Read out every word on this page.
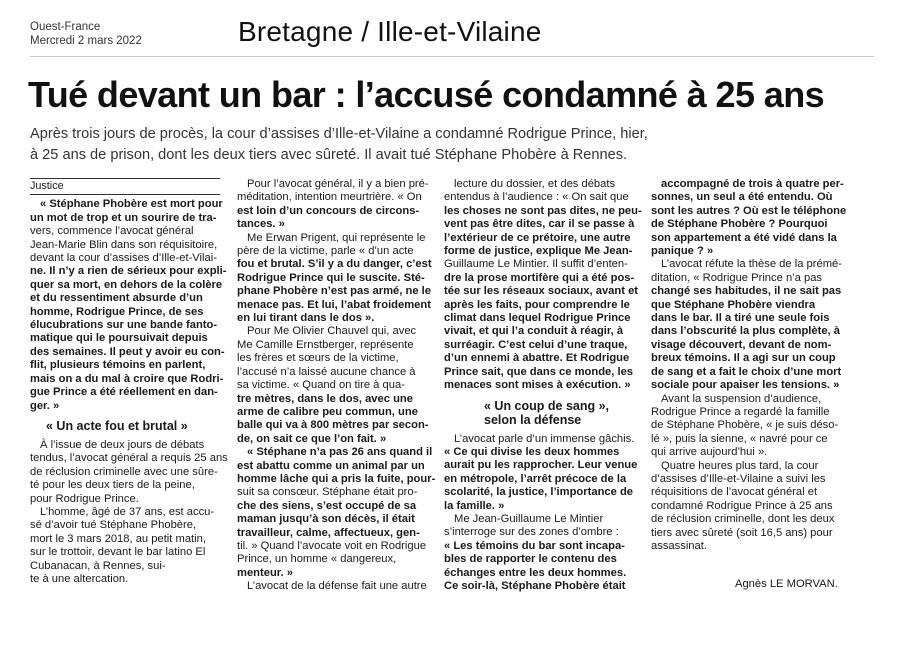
Ouest-France
Mercredi 2 mars 2022	Bretagne / Ille-et-Vilaine
Tué devant un bar : l’accusé condamné à 25 ans
Après trois jours de procès, la cour d’assises d’Ille-et-Vilaine a condamné Rodrigue Prince, hier,
à 25 ans de prison, dont les deux tiers avec sûreté. Il avait tué Stéphane Phobère à Rennes.
Justice

« Stéphane Phobère est mort pour
un mot de trop et un sourire de tra-
vers, commence l’avocat général
Jean-Marie Blin dans son réquisitoire,
devant la cour d’assises d’Ille-et-Vilai-
ne. Il n’y a rien de sérieux pour expli-
quer sa mort, en dehors de la colère
et du ressentiment absurde d’un
homme, Rodrigue Prince, de ses
élucubrations sur une bande fanto-
matique qui le poursuivait depuis
des semaines. Il peut y avoir eu con-
flit, plusieurs témoins en parlent,
mais on a du mal à croire que Rodri-
gue Prince a été réellement en dan-
ger. »

« Un acte fou et brutal »

À l’issue de deux jours de débats
tendus, l’avocat général a requis 25 ans
de réclusion criminelle avec une sûre-
té pour les deux tiers de la peine,
pour Rodrigue Prince.

L’homme, âgé de 37 ans, est accu-
sé d’avoir tué Stéphane Phobère,
mort le 3 mars 2018, au petit matin,
sur le trottoir, devant le bar latino El
Cubanacan, à Rennes, sui-
te à une altercation.

Pour l’avocat général, il y a bien pré-
méditation, intention meurtrière. « On
est loin d’un concours de circons-
tances. »

Me Erwan Prigent, qui représente le
père de la victime, parle « d’un acte
fou et brutal. S’il y a du danger, c’est
Rodrigue Prince qui le suscite. Sté-
phane Phobère n’est pas armé, ne le
menace pas. Et lui, l’abat froidement
en lui tirant dans le dos ».

Pour Me Olivier Chauvel qui, avec
Me Camille Ernstberger, représente
les frères et sœurs de la victime,
l’accusé n’a laissé aucune chance à
sa victime. « Quand on tire à qua-
tre mètres, dans le dos, avec une
arme de calibre peu commun, une
balle qui va à 800 mètres par secon-
de, on sait ce que l’on fait. »

« Stéphane n’a pas 26 ans quand il
est abattu comme un animal par un
homme lâche qui a pris la fuite, pour-
suit sa consœur. Stéphane était pro-
che des siens, s’est occupé de sa
maman jusqu’à son décès, il était
travailleur, calme, affectueux, gen-
til. » Quand l’avocate voit en Rodrigue
Prince, un homme « dangereux,
menteur. »

L’avocat de la défense fait une autre

lecture du dossier, et des débats
entendus à l’audience : « On sait que
les choses ne sont pas dites, ne peu-
vent pas être dites, car il se passe à
l’extérieur de ce prétoire, une autre
forme de justice, explique Me Jean-
Guillaume Le Mintier. Il suffit d’enten-
dre la prose mortifère qui a été pos-
tée sur les réseaux sociaux, avant et
après les faits, pour comprendre le
climat dans lequel Rodrigue Prince
vivait, et qui l’a conduit à réagir, à
surréagir. C’est celui d’une traque,
d’un ennemi à abattre. Et Rodrigue
Prince sait, que dans ce monde, les
menaces sont mises à exécution. »

« Un coup de sang », selon la défense

L’avocat parle d’un immense gâchis.
« Ce qui divise les deux hommes
aurait pu les rapprocher. Leur venue
en métropole, l’arrêt précoce de la
scolarité, la justice, l’importance de
la famille. »

Me Jean-Guillaume Le Mintier
s’interroge sur des zones d’ombre :
« Les témoins du bar sont incapa-
bles de rapporter le contenu des
échanges entre les deux hommes.
Ce soir-là, Stéphane Phobère était

accompagné de trois à quatre per-
sonnes, un seul a été entendu. Où
sont les autres ? Où est le téléphone
de Stéphane Phobère ? Pourquoi
son appartement a été vidé dans la
panique ? »

L’avocat réfute la thèse de la prémé-
ditation, « Rodrigue Prince n’a pas
changé ses habitudes, il ne sait pas
que Stéphane Phobère viendra
dans le bar. Il a tiré une seule fois
dans l’obscurité la plus complète, à
visage découvert, devant de nom-
breux témoins. Il a agi sur un coup
de sang et a fait le choix d’une mort
sociale pour apaiser les tensions. »

Avant la suspension d’audience,
Rodrigue Prince a regardé la famille
de Stéphane Phobère, « je suis déso-
lé », puis la sienne, « navré pour ce
qui arrive aujourd’hui ».

Quatre heures plus tard, la cour
d’assises d’Ille-et-Vilaine a suivi les
réquisitions de l’avocat général et
condamné Rodrigue Prince à 25 ans
de réclusion criminelle, dont les deux
tiers avec sûreté (soit 16,5 ans) pour
assassinat.

Agnès LE MORVAN.
